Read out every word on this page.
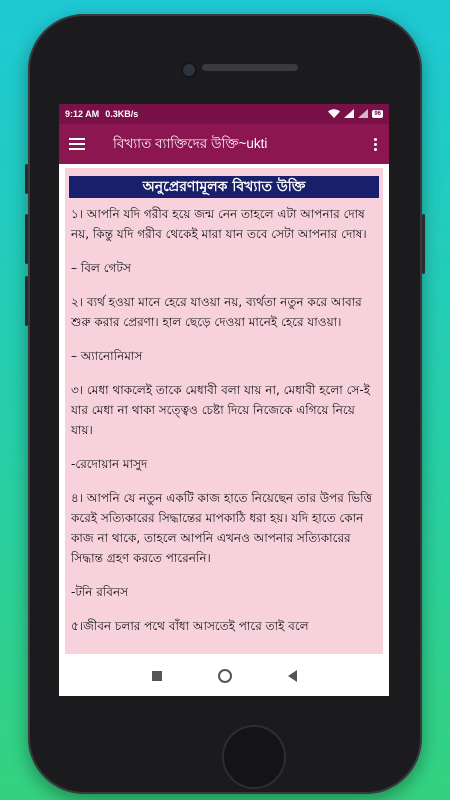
9:12 AM 0.3KB/s	96
বিখ্যাত ব্যাক্তিদের উক্তি~ukti
অনুপ্রেরণামূলক বিখ্যাত উক্তি

১। আপনি যদি গরীব হয়ে জন্ম নেন তাহলে এটা আপনার দোষ নয়, কিন্তু যদি গরীব থেকেই মারা যান তবে সেটা আপনার দোষ।

– বিল গেটস

২। ব্যর্থ হওয়া মানে হেরে যাওয়া নয়, ব্যর্থতা নতুন করে আবার শুরু করার প্রেরণা। হাল ছেড়ে দেওয়া মানেই হেরে যাওয়া।

– অ্যানোনিমাস

৩। মেধা থাকলেই তাকে মেধাবী বলা যায় না, মেধাবী হলো সে-ই যার মেধা না থাকা সত্ত্বেও চেষ্টা দিয়ে নিজেকে এগিয়ে নিয়ে যায়।

-রেদোয়ান মাসুদ

৪। আপনি যে নতুন একটি কাজ হাতে নিয়েছেন তার উপর ভিত্তি করেই সত্যিকারের সিদ্ধান্তের মাপকাঠি ধরা হয়। যদি হাতে কোন কাজ না থাকে, তাহলে আপনি এখনও আপনার সত্যিকারের সিদ্ধান্ত গ্রহণ করতে পারেননি।

-টনি রবিনস

৫।জীবন চলার পথে বাঁধা আসতেই পারে তাই বলে
